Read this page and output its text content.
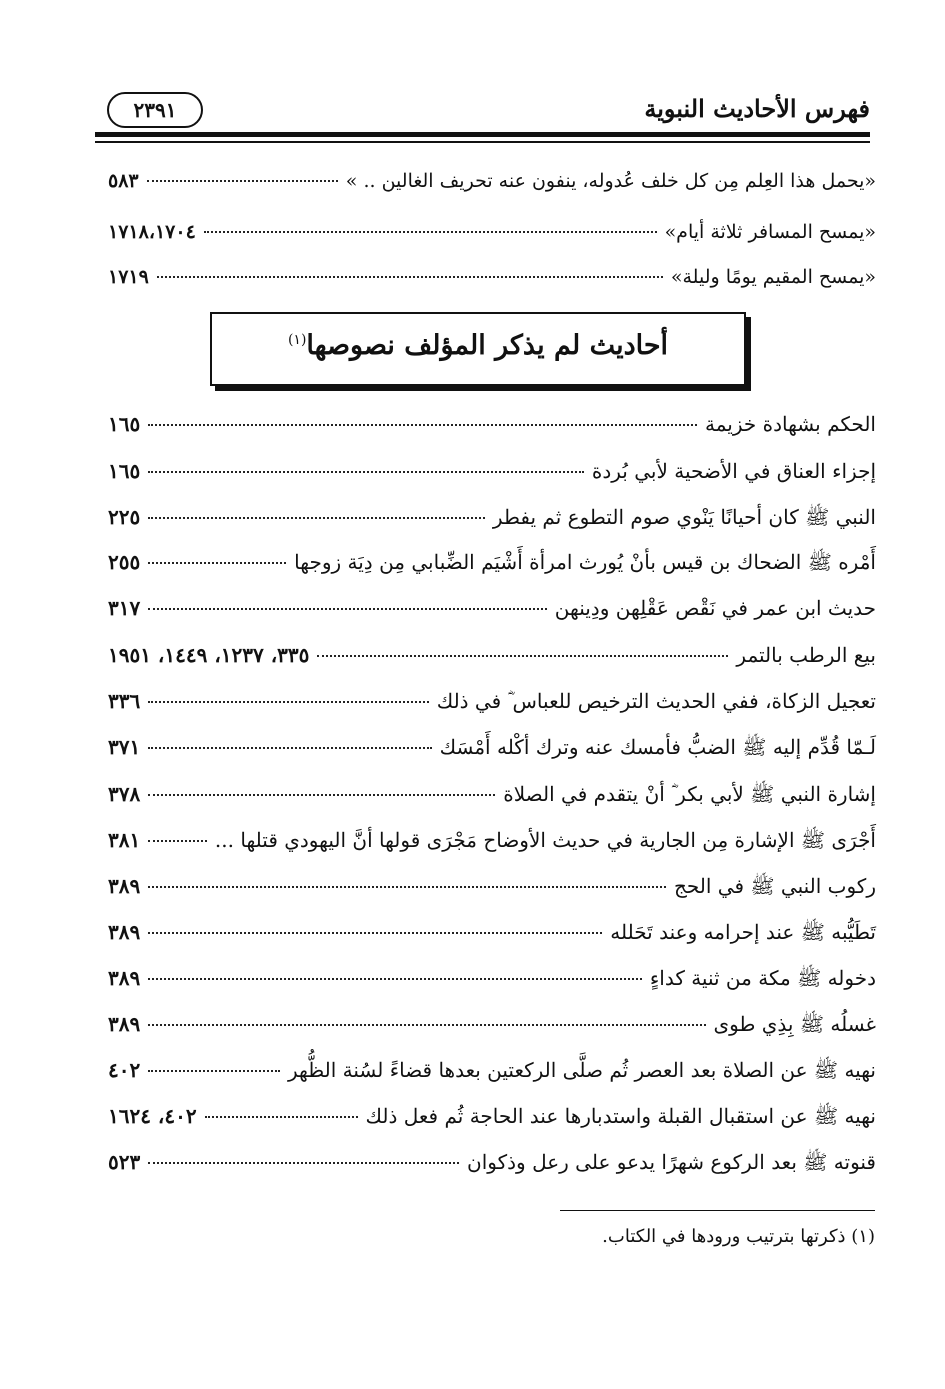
فهرس الأحاديث النبوية
٢٣٩١
«يحمل هذا العِلم مِن كل خلف عُدوله، ينفون عنه تحريف الغالين .. »
٥٨٣
«يمسح المسافر ثلاثة أيام»
١٧١٨،١٧٠٤
«يمسح المقيم يومًا وليلة»
١٧١٩
أحاديث لم يذكر المؤلف نصوصها$^{(١)}$
الحكم بشهادة خزيمة
١٦٥
إجزاء العناق في الأضحية لأبي بُردة
١٦٥
النبي ﷺ كان أحيانًا يَنْوي صوم التطوع ثم يفطر
٢٢٥
أَمْره ﷺ الضحاك بن قيس بأنْ يُورث امرأة أَشْيَم الضِّبابي مِن دِيَة زوجها
٢٥٥
حديث ابن عمر في نَقْص عَقْلِهن ودِينهن
٣١٧
بيع الرطب بالتمر
٣٣٥، ١٢٣٧، ١٤٤٩، ١٩٥١
تعجيل الزكاة، ففي الحديث الترخيص للعباس ؓ في ذلك
٣٣٦
لَـمّا قُدِّم إليه ﷺ الضبُّ فأمسك عنه وترك أكْله أَمْسَك
٣٧١
إشارة النبي ﷺ لأبي بكر ؓ أنْ يتقدم في الصلاة
٣٧٨
أَجْرَى ﷺ الإشارة مِن الجارية في حديث الأوضاح مَجْرَى قولها أنَّ اليهودي قتلها ...
٣٨١
ركوب النبي ﷺ في الحج
٣٨٩
تَطَيُّبه ﷺ عند إحرامه وعند تَحَلله
٣٨٩
دخوله ﷺ مكة من ثنية كداءٍ
٣٨٩
غسلُه ﷺ بِذِي طوى
٣٨٩
نهيه ﷺ عن الصلاة بعد العصر ثُم صلَّى الركعتين بعدها قضاءً لسُنة الظُّهر
٤٠٢
نهيه ﷺ عن استقبال القبلة واستدبارها عند الحاجة ثُم فعل ذلك
٤٠٢، ١٦٢٤
قنوته ﷺ بعد الركوع شهرًا يدعو على رعل وذكوان
٥٢٣
(١) ذكرتها بترتيب ورودها في الكتاب.
